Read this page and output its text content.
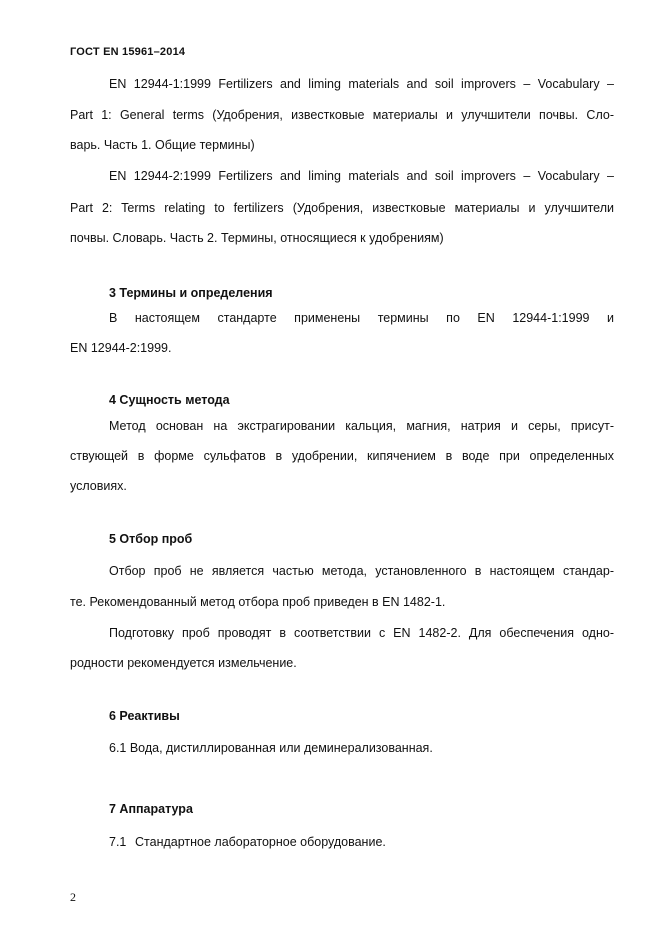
ГОСТ EN 15961–2014
EN 12944-1:1999 Fertilizers and liming materials and soil improvers – Vocabulary –
Part 1: General terms (Удобрения, известковые материалы и улучшители почвы. Сло-
варь. Часть 1. Общие термины)
EN 12944-2:1999 Fertilizers and liming materials and soil improvers – Vocabulary –
Part 2: Terms relating to fertilizers (Удобрения, известковые материалы и улучшители
почвы. Словарь. Часть 2. Термины, относящиеся к удобрениям)
3 Термины и определения
В настоящем стандарте применены термины по EN 12944-1:1999 и
EN 12944-2:1999.
4 Сущность метода
Метод основан на экстрагировании кальция, магния, натрия и серы, присут-
ствующей в форме сульфатов в удобрении, кипячением в воде при определенных
условиях.
5 Отбор проб
Отбор проб не является частью метода, установленного в настоящем стандар-
те. Рекомендованный метод отбора проб приведен в EN 1482-1.
Подготовку проб проводят в соответствии с EN 1482-2. Для обеспечения одно-
родности рекомендуется измельчение.
6 Реактивы
6.1 Вода, дистиллированная или деминерализованная.
7 Аппаратура
7.1 Стандартное лабораторное оборудование.
2
